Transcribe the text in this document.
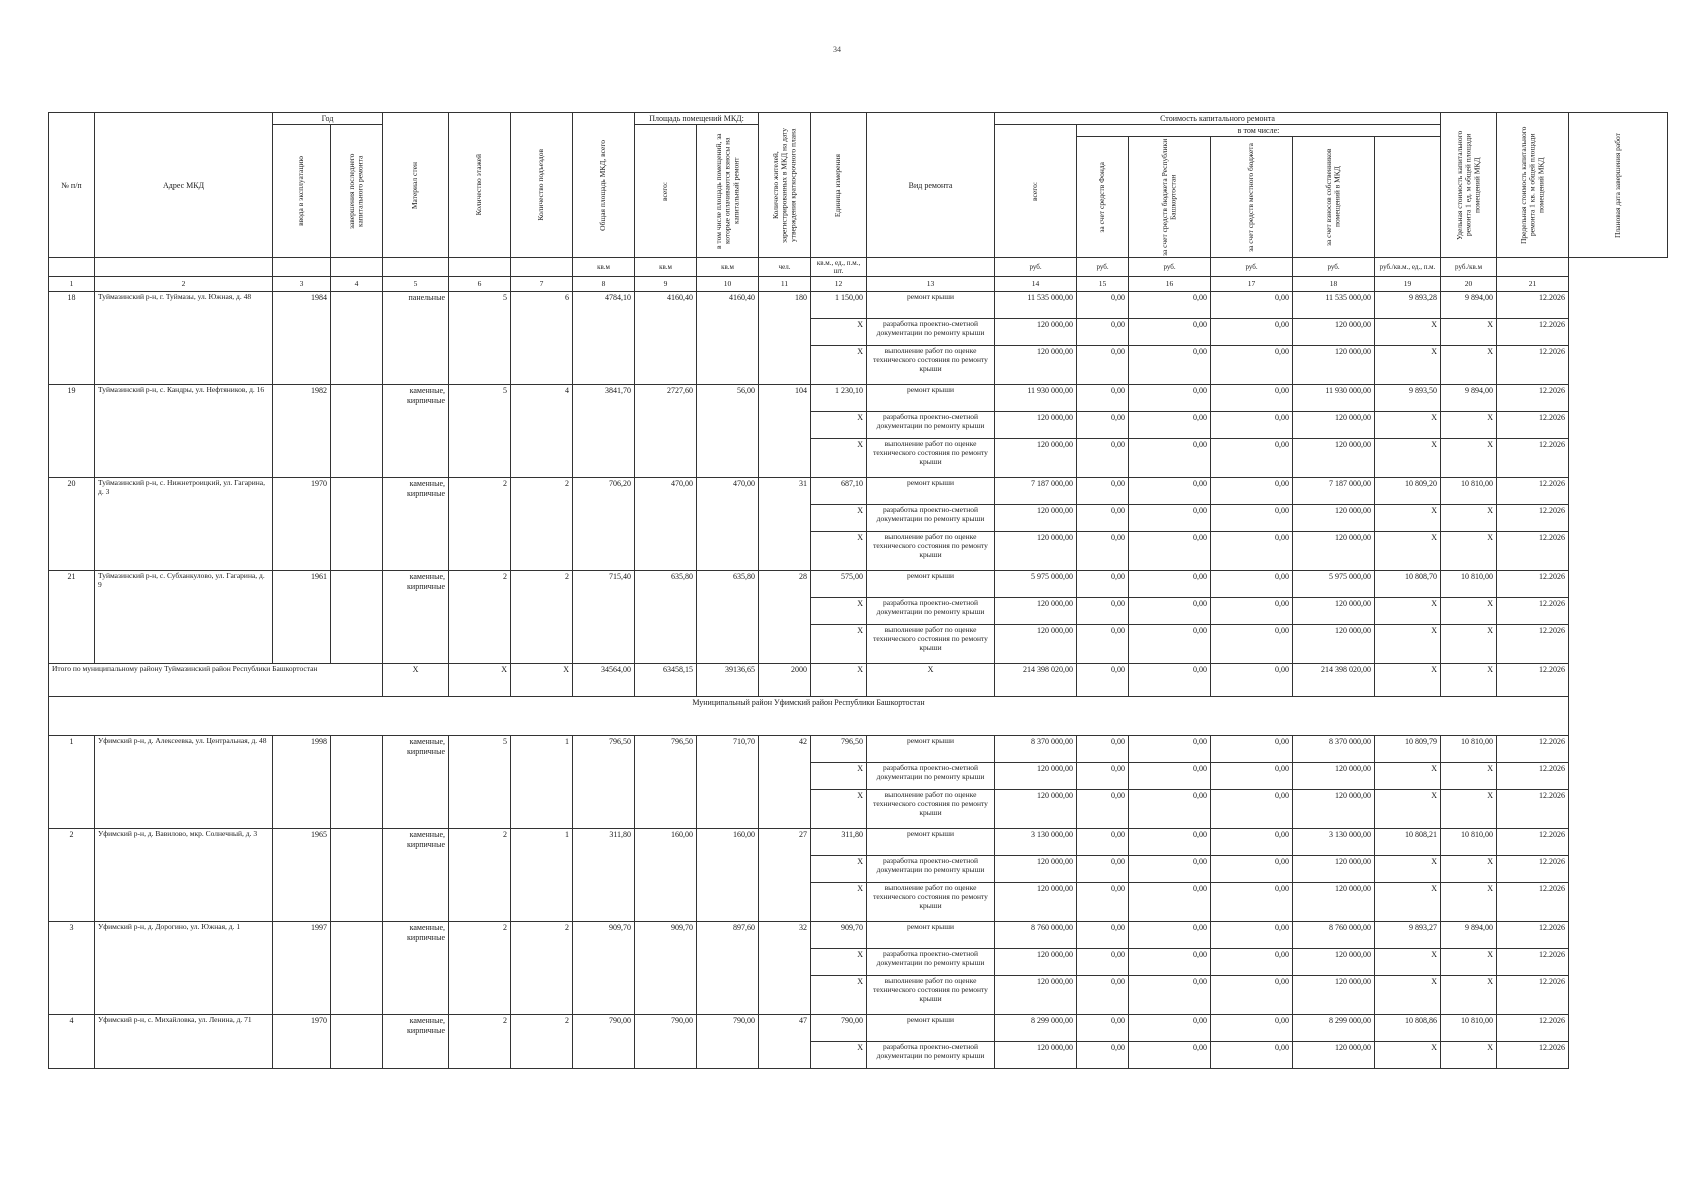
34
№ п/п	Адрес МКД	Год		Материал стен	Количество этажей	Количество подъездов	Общая площадь МКД, всего	Площадь помещений МКД:		Количество жителей, зарегистрированных в МКД на дату утверждения краткосрочного плана	Единица измерения	Вид ремонта	Стоимость капитального ремонта						Удельная стоимость капитального ремонта 1 ед. м общей площади помещений МКД	Предельная стоимость капитального ремонта 1 кв. м общей площади помещений МКД	Плановая дата завершения работ

		ввода в эксплуатацию	завершения последнего капитального ремонта					всего:	в том числе площадь помещений, за которые оплачиваются взносы на капитальный ремонт				всего:	в том числе:							

														за счет средств Фонда	за счет средств бюджета Республики Башкортостан	за счет средств местного бюджета	за счет взносов собственников помещений в МКД				

							кв.м	кв.м	кв.м	чел.	кв.м., ед., п.м., шт.		руб.	руб.	руб.	руб.	руб.	руб./кв.м., ед., п.м.	руб./кв.м		
1	2	3	4	5	6	7	8	9	10	11	12	13	14	15	16	17	18	19	20	21	
18	Туймазинский р-н, г. Туймазы, ул. Южная, д. 48	1984		панельные	5	6	4784,10	4160,40	4160,40	180	1 150,00	ремонт крыши	11 535 000,00	0,00	0,00	0,00	11 535 000,00	9 893,28	9 894,00	12.2026	
											X	разработка проектно-сметной документации по ремонту крыши	120 000,00	0,00	0,00	0,00	120 000,00	X	X	12.2026	
											X	выполнение работ по оценке технического состояния по ремонту крыши	120 000,00	0,00	0,00	0,00	120 000,00	X	X	12.2026	
19	Туймазинский р-н, с. Кандры, ул. Нефтяников, д. 16	1982		каменные, кирпичные	5	4	3841,70	2727,60	56,00	104	1 230,10	ремонт крыши	11 930 000,00	0,00	0,00	0,00	11 930 000,00	9 893,50	9 894,00	12.2026	
											X	разработка проектно-сметной документации по ремонту крыши	120 000,00	0,00	0,00	0,00	120 000,00	X	X	12.2026	
											X	выполнение работ по оценке технического состояния по ремонту крыши	120 000,00	0,00	0,00	0,00	120 000,00	X	X	12.2026	
20	Туймазинский р-н, с. Нижнетроицкий, ул. Гагарина, д. 3	1970		каменные, кирпичные	2	2	706,20	470,00	470,00	31	687,10	ремонт крыши	7 187 000,00	0,00	0,00	0,00	7 187 000,00	10 809,20	10 810,00	12.2026	
											X	разработка проектно-сметной документации по ремонту крыши	120 000,00	0,00	0,00	0,00	120 000,00	X	X	12.2026	
											X	выполнение работ по оценке технического состояния по ремонту крыши	120 000,00	0,00	0,00	0,00	120 000,00	X	X	12.2026	
21	Туймазинский р-н, с. Субханкулово, ул. Гагарина, д. 9	1961		каменные, кирпичные	2	2	715,40	635,80	635,80	28	575,00	ремонт крыши	5 975 000,00	0,00	0,00	0,00	5 975 000,00	10 808,70	10 810,00	12.2026	
											X	разработка проектно-сметной документации по ремонту крыши	120 000,00	0,00	0,00	0,00	120 000,00	X	X	12.2026	
											X	выполнение работ по оценке технического состояния по ремонту крыши	120 000,00	0,00	0,00	0,00	120 000,00	X	X	12.2026	
Итого по муниципальному району Туймазинский район Республики Башкортостан				X	X	X	34564,00	63458,15	39136,65	2000	X	X	214 398 020,00	0,00	0,00	0,00	214 398 020,00	X	X	12.2026	
Муниципальный район Уфимский район Республики Башкортостан																					
1	Уфимский р-н, д. Алексеевка, ул. Центральная, д. 48	1998		каменные, кирпичные	5	1	796,50	796,50	710,70	42	796,50	ремонт крыши	8 370 000,00	0,00	0,00	0,00	8 370 000,00	10 809,79	10 810,00	12.2026	
											X	разработка проектно-сметной документации по ремонту крыши	120 000,00	0,00	0,00	0,00	120 000,00	X	X	12.2026	
											X	выполнение работ по оценке технического состояния по ремонту крыши	120 000,00	0,00	0,00	0,00	120 000,00	X	X	12.2026	
2	Уфимский р-н, д. Вавилово, мкр. Солнечный, д. 3	1965		каменные, кирпичные	2	1	311,80	160,00	160,00	27	311,80	ремонт крыши	3 130 000,00	0,00	0,00	0,00	3 130 000,00	10 808,21	10 810,00	12.2026	
											X	разработка проектно-сметной документации по ремонту крыши	120 000,00	0,00	0,00	0,00	120 000,00	X	X	12.2026	
											X	выполнение работ по оценке технического состояния по ремонту крыши	120 000,00	0,00	0,00	0,00	120 000,00	X	X	12.2026	
3	Уфимский р-н, д. Дорогино, ул. Южная, д. 1	1997		каменные, кирпичные	2	2	909,70	909,70	897,60	32	909,70	ремонт крыши	8 760 000,00	0,00	0,00	0,00	8 760 000,00	9 893,27	9 894,00	12.2026	
											X	разработка проектно-сметной документации по ремонту крыши	120 000,00	0,00	0,00	0,00	120 000,00	X	X	12.2026	
											X	выполнение работ по оценке технического состояния по ремонту крыши	120 000,00	0,00	0,00	0,00	120 000,00	X	X	12.2026	
4	Уфимский р-н, с. Михайловка, ул. Ленина, д. 71	1970		каменные, кирпичные	2	2	790,00	790,00	790,00	47	790,00	ремонт крыши	8 299 000,00	0,00	0,00	0,00	8 299 000,00	10 808,86	10 810,00	12.2026	
											X	разработка проектно-сметной документации по ремонту крыши	120 000,00	0,00	0,00	0,00	120 000,00	X	X	12.2026	
